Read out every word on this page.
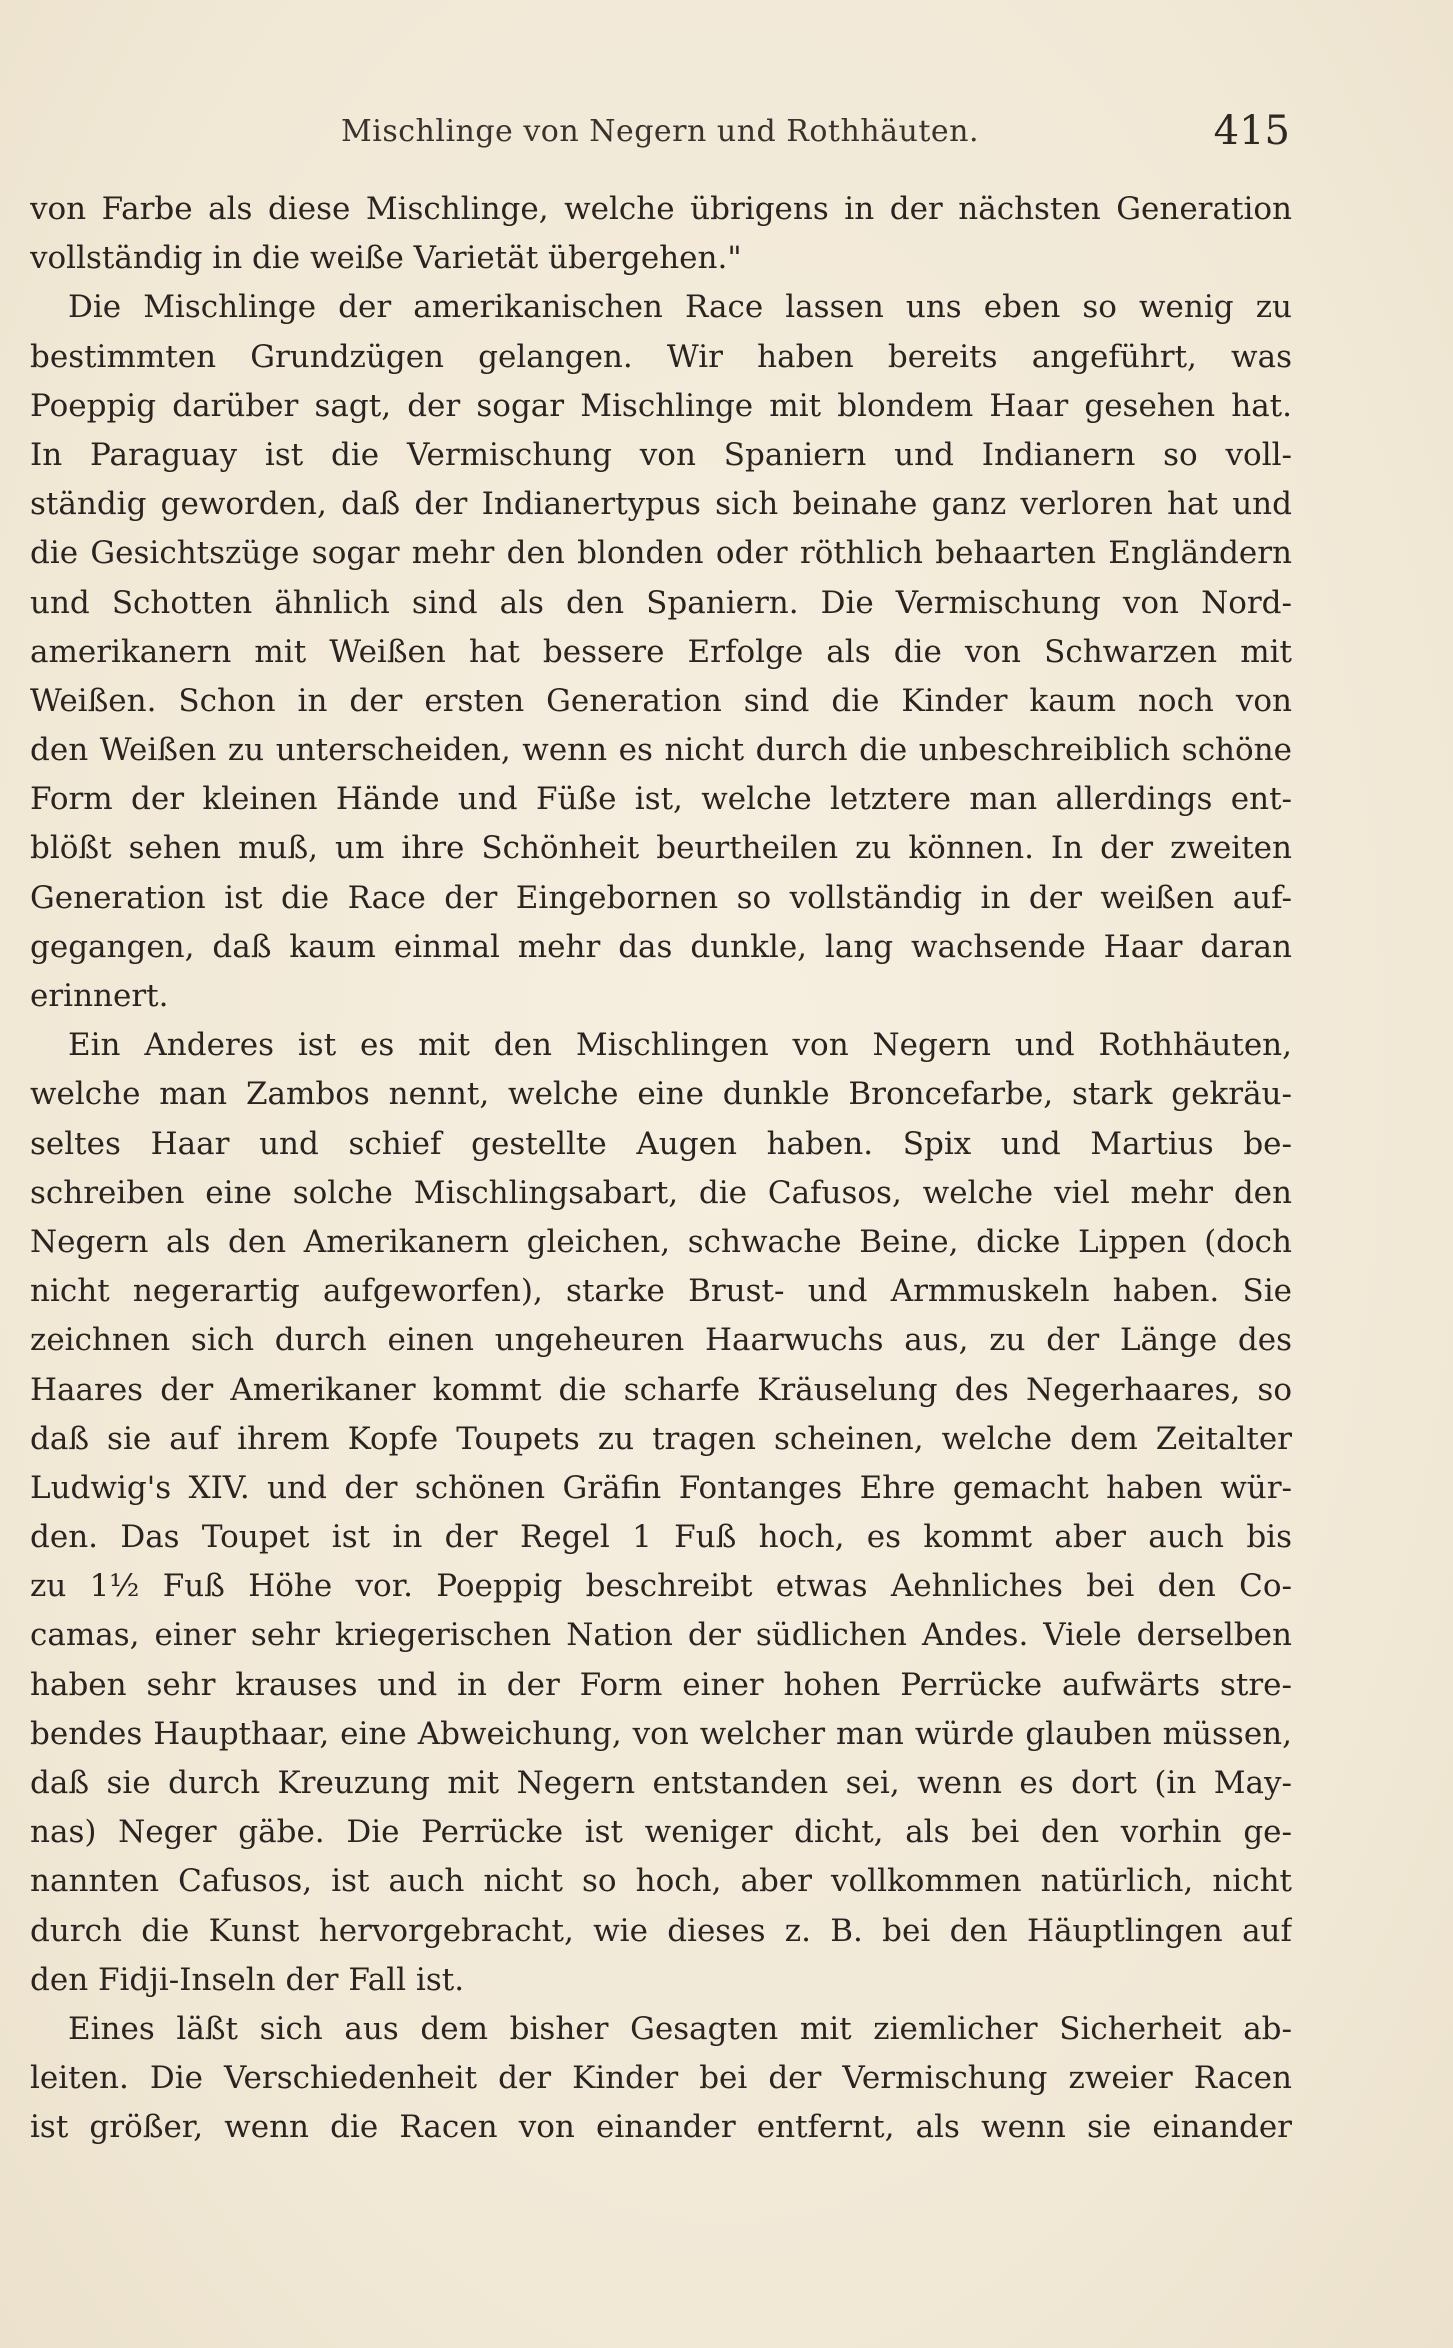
Mischlinge von Negern und Rothhäuten.	415
von Farbe als diese Mischlinge, welche übrigens in der nächsten Generation
vollständig in die weiße Varietät übergehen."
Die Mischlinge der amerikanischen Race lassen uns eben so wenig zu
bestimmten Grundzügen gelangen. Wir haben bereits angeführt, was
Poeppig darüber sagt, der sogar Mischlinge mit blondem Haar gesehen hat.
In Paraguay ist die Vermischung von Spaniern und Indianern so voll-
ständig geworden, daß der Indianertypus sich beinahe ganz verloren hat und
die Gesichtszüge sogar mehr den blonden oder röthlich behaarten Engländern
und Schotten ähnlich sind als den Spaniern. Die Vermischung von Nord-
amerikanern mit Weißen hat bessere Erfolge als die von Schwarzen mit
Weißen. Schon in der ersten Generation sind die Kinder kaum noch von
den Weißen zu unterscheiden, wenn es nicht durch die unbeschreiblich schöne
Form der kleinen Hände und Füße ist, welche letztere man allerdings ent-
blößt sehen muß, um ihre Schönheit beurtheilen zu können. In der zweiten
Generation ist die Race der Eingebornen so vollständig in der weißen auf-
gegangen, daß kaum einmal mehr das dunkle, lang wachsende Haar daran
erinnert.
Ein Anderes ist es mit den Mischlingen von Negern und Rothhäuten,
welche man Zambos nennt, welche eine dunkle Broncefarbe, stark gekräu-
seltes Haar und schief gestellte Augen haben. Spix und Martius be-
schreiben eine solche Mischlingsabart, die Cafusos, welche viel mehr den
Negern als den Amerikanern gleichen, schwache Beine, dicke Lippen (doch
nicht negerartig aufgeworfen), starke Brust- und Armmuskeln haben. Sie
zeichnen sich durch einen ungeheuren Haarwuchs aus, zu der Länge des
Haares der Amerikaner kommt die scharfe Kräuselung des Negerhaares, so
daß sie auf ihrem Kopfe Toupets zu tragen scheinen, welche dem Zeitalter
Ludwig's XIV. und der schönen Gräfin Fontanges Ehre gemacht haben wür-
den. Das Toupet ist in der Regel 1 Fuß hoch, es kommt aber auch bis
zu 1½ Fuß Höhe vor. Poeppig beschreibt etwas Aehnliches bei den Co-
camas, einer sehr kriegerischen Nation der südlichen Andes. Viele derselben
haben sehr krauses und in der Form einer hohen Perrücke aufwärts stre-
bendes Haupthaar, eine Abweichung, von welcher man würde glauben müssen,
daß sie durch Kreuzung mit Negern entstanden sei, wenn es dort (in May-
nas) Neger gäbe. Die Perrücke ist weniger dicht, als bei den vorhin ge-
nannten Cafusos, ist auch nicht so hoch, aber vollkommen natürlich, nicht
durch die Kunst hervorgebracht, wie dieses z. B. bei den Häuptlingen auf
den Fidji-Inseln der Fall ist.
Eines läßt sich aus dem bisher Gesagten mit ziemlicher Sicherheit ab-
leiten. Die Verschiedenheit der Kinder bei der Vermischung zweier Racen
ist größer, wenn die Racen von einander entfernt, als wenn sie einander
